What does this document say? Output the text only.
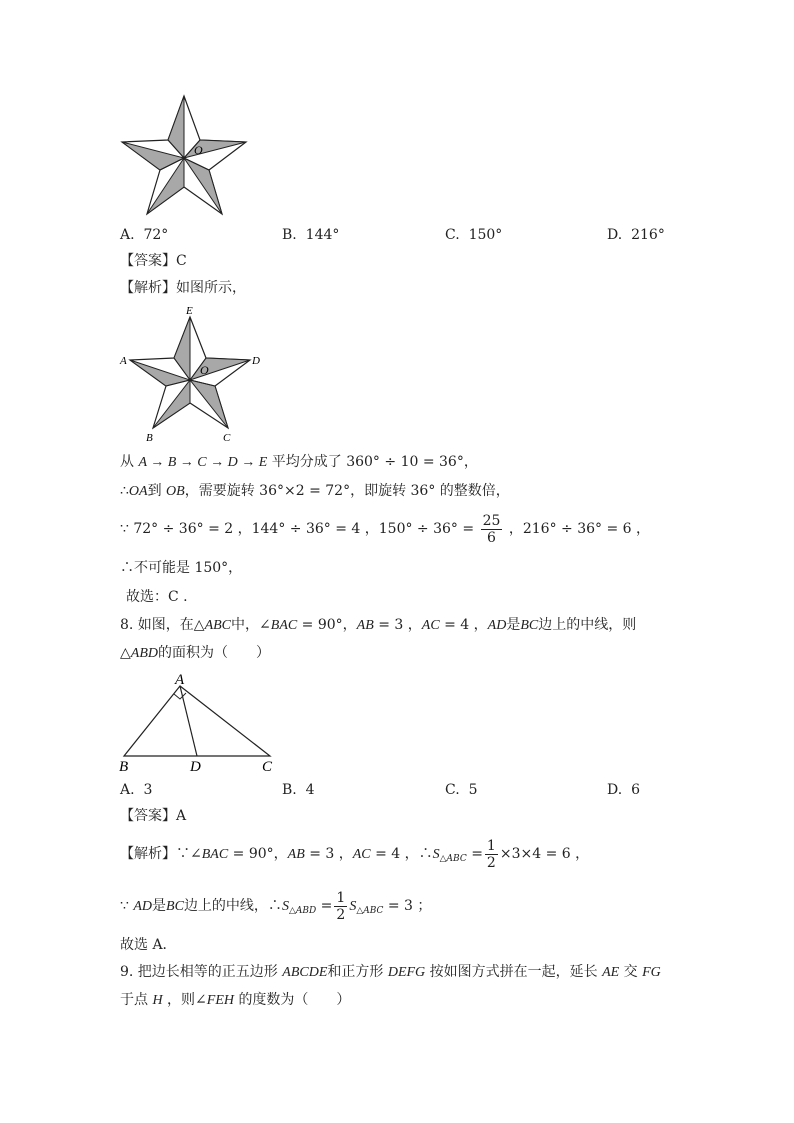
O
A. 72°	B. 144°	C. 150°	D. 216°
【答案】C
【解析】如图所示，
E
A	D
O
B	C
从 A → B → C → D → E 平均分成了 360° ÷ 10 = 36°，
∴OA到 OB，需要旋转 36°×2 = 72°，即旋转 36° 的整数倍，
∵ 72° ÷ 36° = 2 ，144° ÷ 36° = 4 ，$150^\circ \div 36^\circ = \frac{25}{6}$ ，216° ÷ 36° = 6 ，
∴不可能是 150°，
故选：C .
8. 如图，在△ABC中，∠BAC = 90°，AB = 3 ，AC = 4 ，AD是BC边上的中线，则
△ABD的面积为（　　）
A
B	D	C
A. 3	B. 4	C. 5	D. 6
【答案】A
【解析】∵∠BAC = 90°，AB = 3 ，AC = 4 ，$\therefore S_{\triangle ABC} = \frac{1}{2} \times 3\times 4 = 6$ ，
∵ AD是BC边上的中线，$\therefore S_{\triangle ABD} = \frac{1}{2} S_{\triangle ABC} = 3$ ；
故选 A．
9. 把边长相等的正五边形 ABCDE和正方形 DEFG 按如图方式拼在一起，延长 AE 交 FG
于点 H ，则∠FEH 的度数为（　　）
